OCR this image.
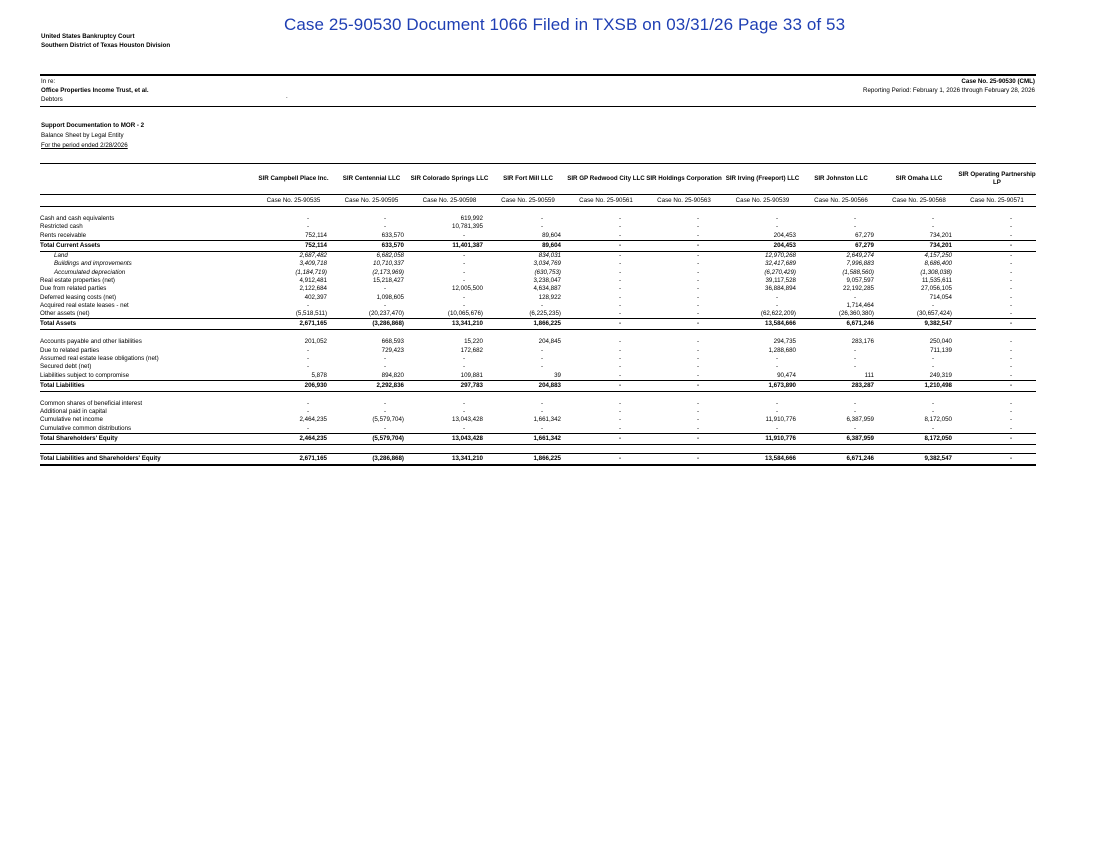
Case 25-90530 Document 1066 Filed in TXSB on 03/31/26 Page 33 of 53
United States Bankruptcy Court
Southern District of Texas Houston Division
In re:
Office Properties Income Trust, et al.
Debtors	.
Case No. 25-90530 (CML)
Reporting Period: February 1, 2026 through February 28, 2026
Support Documentation to MOR - 2
Balance Sheet by Legal Entity
For the period ended 2/28/2026
	SIR Campbell Place Inc.	SIR Centennial LLC	SIR Colorado Springs LLC	SIR Fort Mill LLC	SIR GP Redwood City LLC	SIR Holdings Corporation	SIR Irving (Freeport) LLC	SIR Johnston LLC	SIR Omaha LLC	SIR Operating Partnership LP
	Case No. 25-90535	Case No. 25-90595	Case No. 25-90598	Case No. 25-90559	Case No. 25-90561	Case No. 25-90563	Case No. 25-90539	Case No. 25-90566	Case No. 25-90568	Case No. 25-90571

Cash and cash equivalents	-	-	619,992	-	-	-	-	-	-	-
Restricted cash	-	-	10,781,395	-	-	-	-	-	-	-
Rents receivable	752,114	633,570	-	89,604	-	-	204,453	67,279	734,201	-
Total Current Assets	752,114	633,570	11,401,387	89,604	-	-	204,453	67,279	734,201	-
Land	2,687,482	6,682,058	-	834,031	-	-	12,970,268	2,649,274	4,157,250	-
Buildings and improvements	3,409,718	10,710,337	-	3,034,769	-	-	32,417,689	7,996,883	8,686,400	-
Accumulated depreciation	(1,184,719)	(2,173,969)	-	(630,753)	-	-	(6,270,429)	(1,588,560)	(1,308,038)	-
Real estate properties (net)	4,912,481	15,218,427	-	3,238,047	-	-	39,117,528	9,057,597	11,535,611	-
Due from related parties	2,122,684	-	12,005,500	4,634,887	-	-	36,884,894	22,192,285	27,056,105	-
Deferred leasing costs (net)	402,397	1,098,605	-	128,922	-	-	-	-	714,054	-
Acquired real estate leases - net	-	-	-	-	-	-	-	1,714,464	-	-
Other assets (net)	(5,518,511)	(20,237,470)	(10,065,676)	(6,225,235)	-	-	(62,622,209)	(26,360,380)	(30,657,424)	-
Total Assets	2,671,165	(3,286,868)	13,341,210	1,866,225	-	-	13,584,666	6,671,246	9,382,547	-

Accounts payable and other liabilities	201,052	668,593	15,220	204,845	-	-	294,735	283,176	250,040	-
Due to related parties	-	729,423	172,682	-	-	-	1,288,680	-	711,139	-
Assumed real estate lease obligations (net)	-	-	-	-	-	-	-	-	-	-
Secured debt (net)	-	-	-	-	-	-	-	-	-	-
Liabilities subject to compromise	5,878	894,820	109,881	39	-	-	90,474	111	249,319	-
Total Liabilities	206,930	2,292,836	297,783	204,883	-	-	1,673,890	283,287	1,210,498	-

Common shares of beneficial interest	-	-	-	-	-	-	-	-	-	-
Additional paid in capital	-	-	-	-	-	-	-	-	-	-
Cumulative net income	2,464,235	(5,579,704)	13,043,428	1,661,342	-	-	11,910,776	6,387,959	8,172,050	-
Cumulative common distributions	-	-	-	-	-	-	-	-	-	-
Total Shareholders' Equity	2,464,235	(5,579,704)	13,043,428	1,661,342	-	-	11,910,776	6,387,959	8,172,050	-

Total Liabilities and Shareholders' Equity	2,671,165	(3,286,868)	13,341,210	1,866,225	-	-	13,584,666	6,671,246	9,382,547	-
